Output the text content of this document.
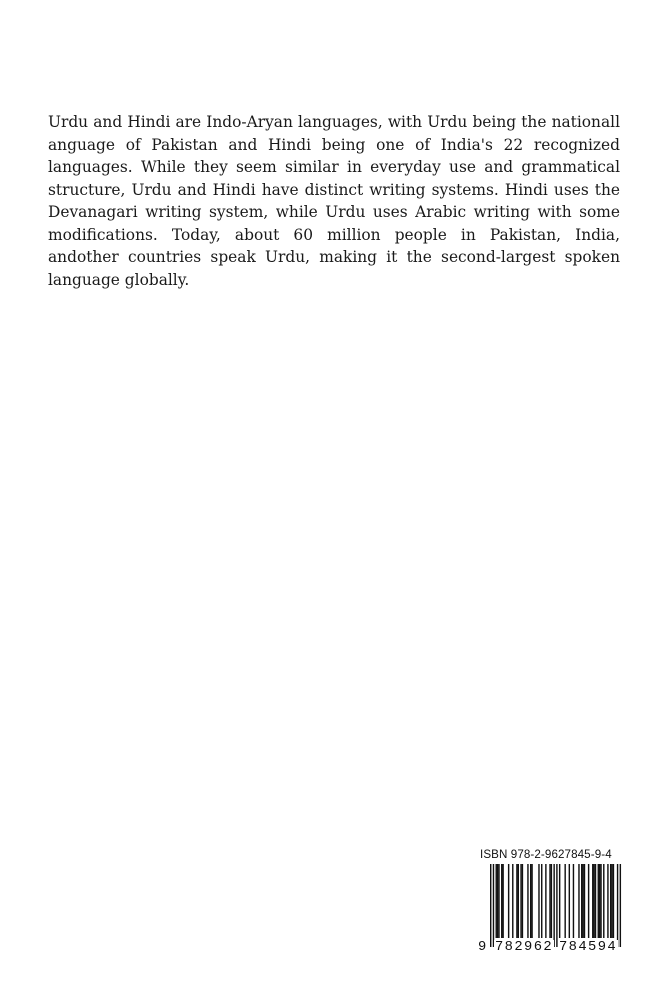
Urdu and Hindi are Indo-Aryan languages, with Urdu being the nationall anguage of Pakistan and Hindi being one of India's 22 recognized languages. While they seem similar in everyday use and grammatical structure, Urdu and Hindi have distinct writing systems. Hindi uses the Devanagari writing system, while Urdu uses Arabic writing with some modifications. Today, about 60 million people in Pakistan, India, andother countries speak Urdu, making it the second-largest spoken language globally.

ISBN 978-2-9627845-9-4
9 782962 784594
